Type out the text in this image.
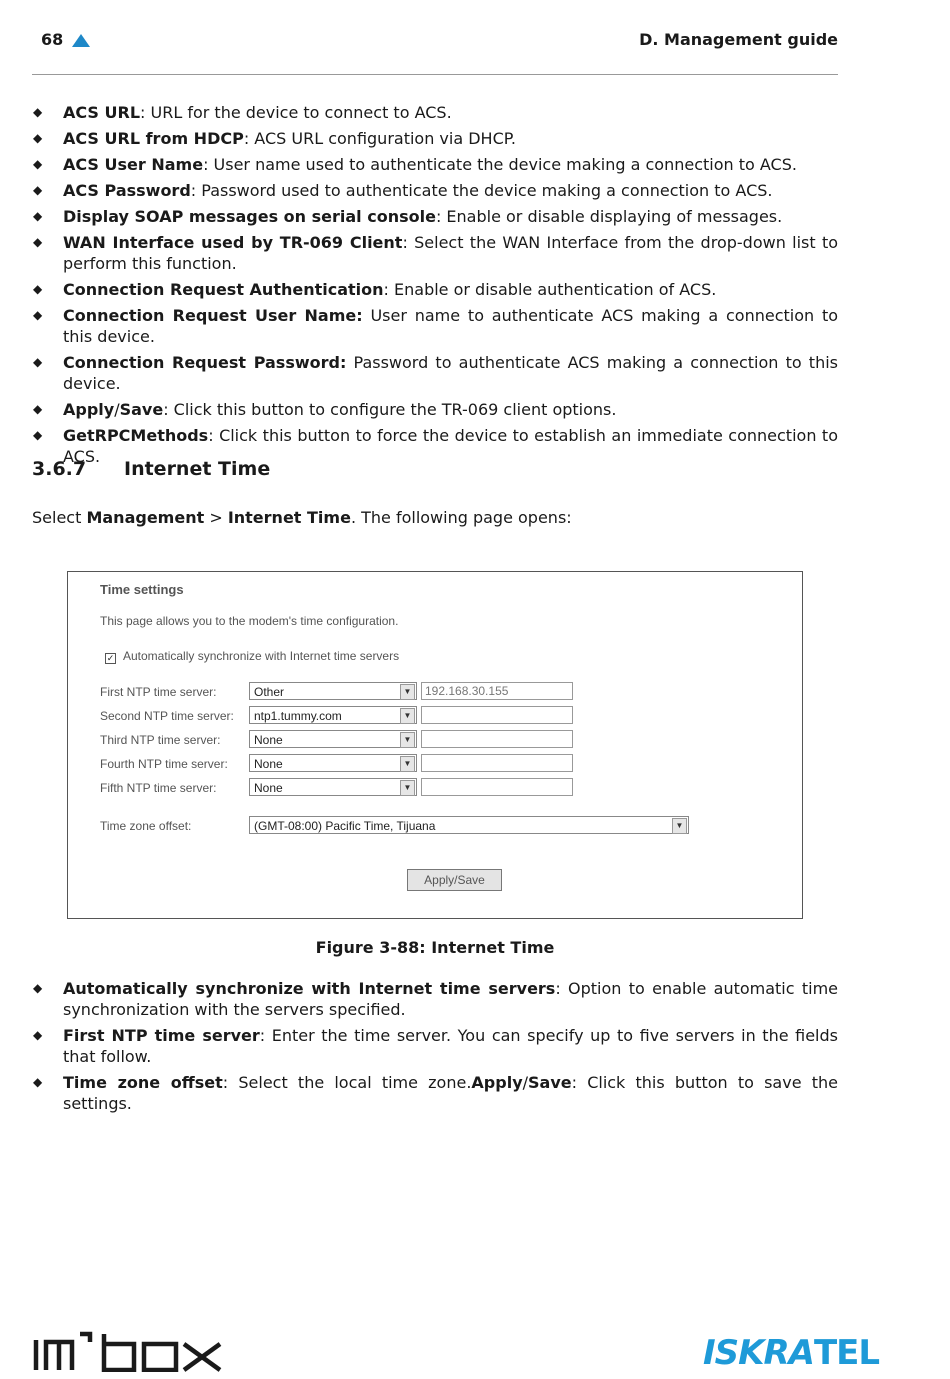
68	D. Management guide
◆ ACS URL: URL for the device to connect to ACS.
◆ ACS URL from HDCP: ACS URL configuration via DHCP.
◆ ACS User Name: User name used to authenticate the device making a connection to ACS.
◆ ACS Password: Password used to authenticate the device making a connection to ACS.
◆ Display SOAP messages on serial console: Enable or disable displaying of messages.
◆ WAN Interface used by TR-069 Client: Select the WAN Interface from the drop-down list to perform this function.
◆ Connection Request Authentication: Enable or disable authentication of ACS.
◆ Connection Request User Name: User name to authenticate ACS making a connection to this device.
◆ Connection Request Password: Password to authenticate ACS making a connection to this device.
◆ Apply/Save: Click this button to configure the TR-069 client options.
◆ GetRPCMethods: Click this button to force the device to establish an immediate connection to ACS.
3.6.7 Internet Time
Select Management > Internet Time. The following page opens:
Time settings
This page allows you to the modem's time configuration.
✓ Automatically synchronize with Internet time servers
First NTP time server:	Other	▼	192.168.30.155
Second NTP time server:	ntp1.tummy.com	▼
Third NTP time server:	None	▼
Fourth NTP time server:	None	▼
Fifth NTP time server:	None	▼
Time zone offset:	(GMT-08:00) Pacific Time, Tijuana	▼
Apply/Save
Figure 3-88: Internet Time
◆ Automatically synchronize with Internet time servers: Option to enable automatic time synchronization with the servers specified.
◆ First NTP time server: Enter the time server. You can specify up to five servers in the fields that follow.
◆ Time zone offset: Select the local time zone.Apply/Save: Click this button to save the settings.
ISKRATEL
